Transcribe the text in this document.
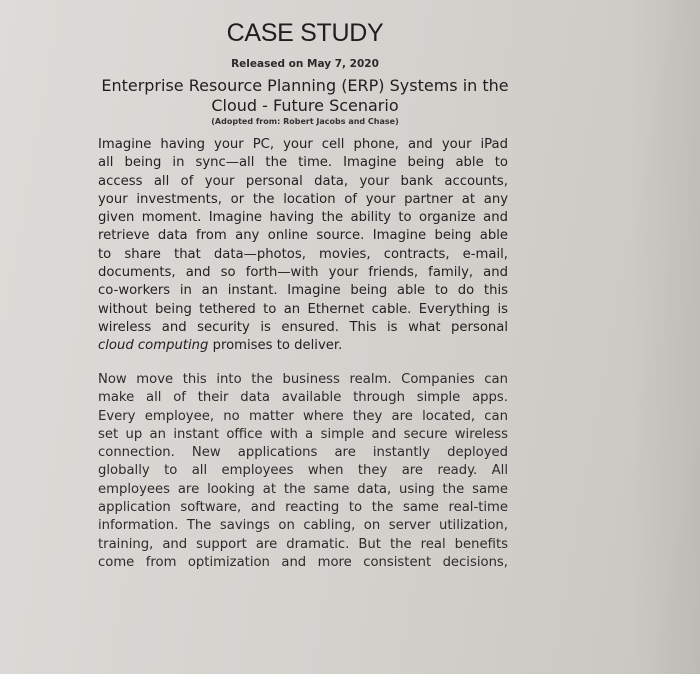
CASE STUDY
Released on May 7, 2020
Enterprise Resource Planning (ERP) Systems in the
Cloud - Future Scenario
(Adopted from: Robert Jacobs and Chase)
Imagine having your PC, your cell phone, and your iPad
all being in sync—all the time. Imagine being able to
access all of your personal data, your bank accounts,
your investments, or the location of your partner at any
given moment. Imagine having the ability to organize and
retrieve data from any online source. Imagine being able
to share that data—photos, movies, contracts, e-mail,
documents, and so forth—with your friends, family, and
co-workers in an instant. Imagine being able to do this
without being tethered to an Ethernet cable. Everything is
wireless and security is ensured. This is what personal
cloud computing promises to deliver.
Now move this into the business realm. Companies can
make all of their data available through simple apps.
Every employee, no matter where they are located, can
set up an instant office with a simple and secure wireless
connection. New applications are instantly deployed
globally to all employees when they are ready. All
employees are looking at the same data, using the same
application software, and reacting to the same real-time
information. The savings on cabling, on server utilization,
training, and support are dramatic. But the real benefits
come from optimization and more consistent decisions,
